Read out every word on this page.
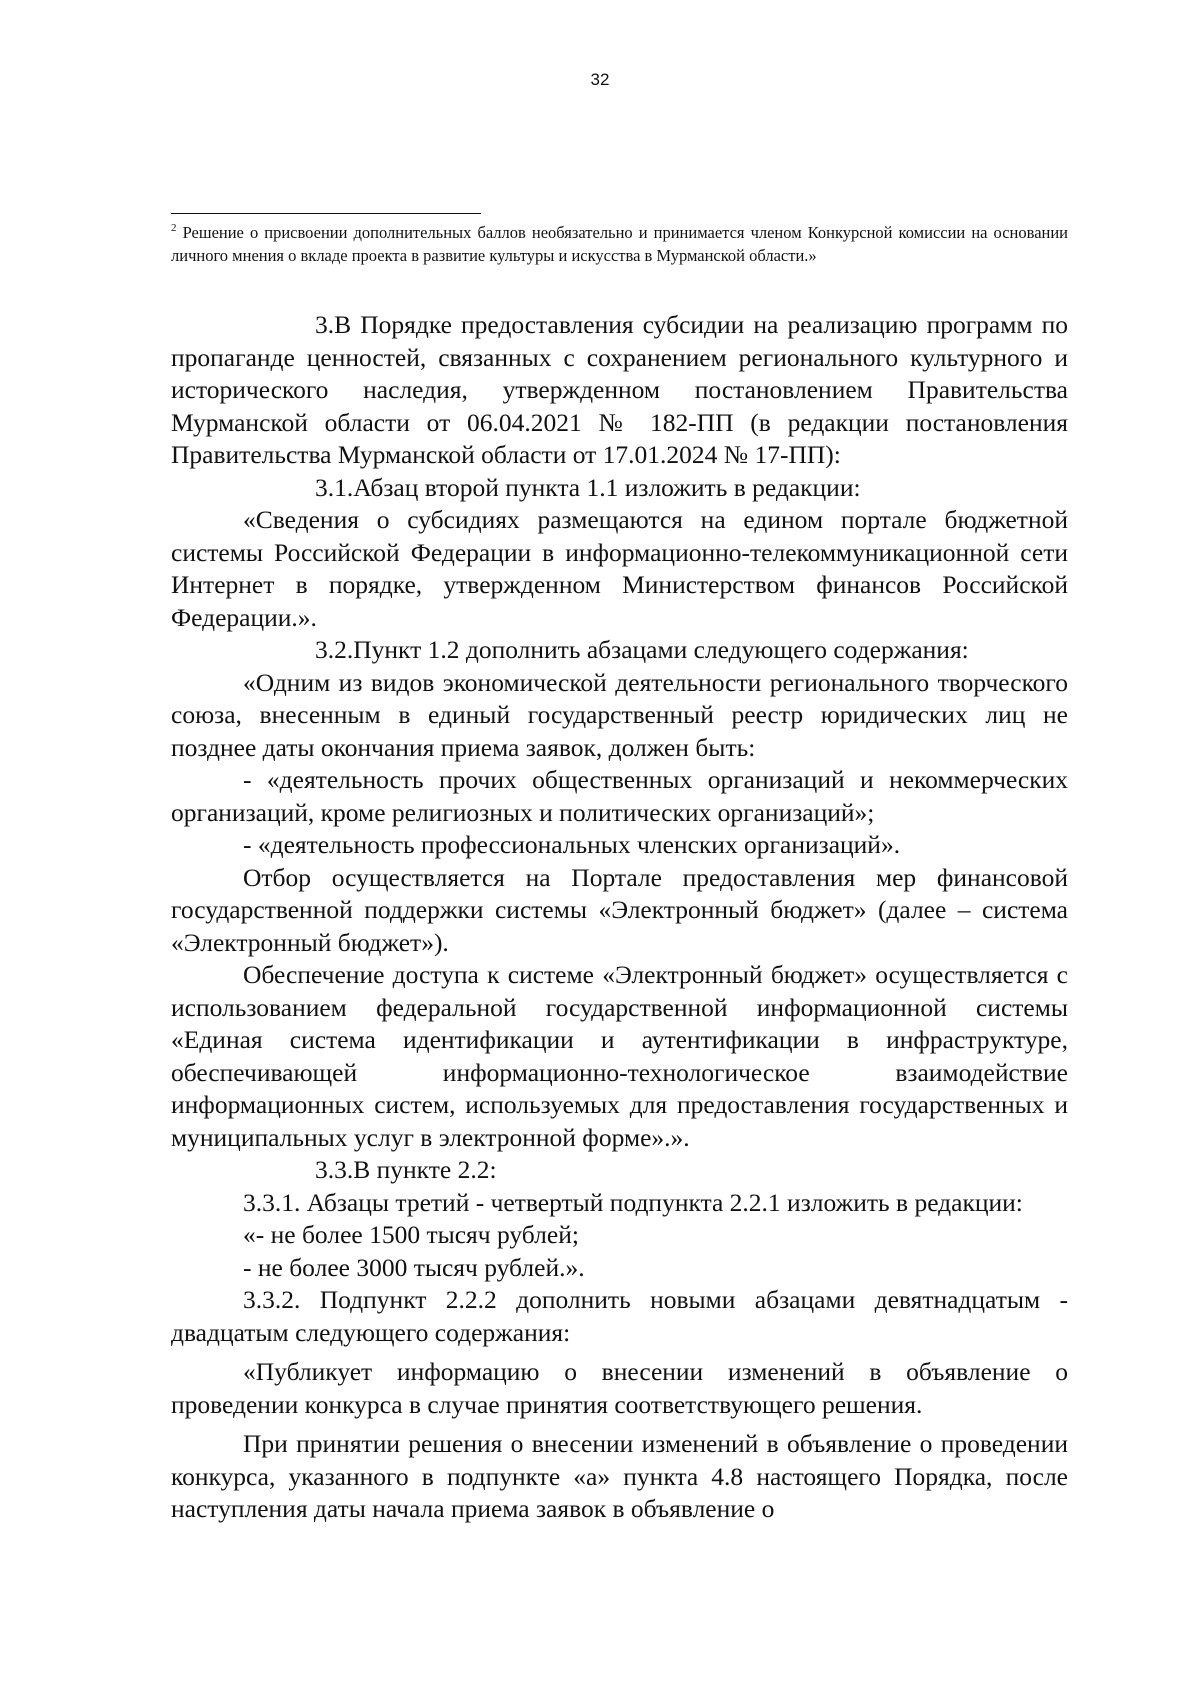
32
$^2$ Решение о присвоении дополнительных баллов необязательно и принимается членом Конкурсной комиссии на основании личного мнения о вкладе проекта в развитие культуры и искусства в Мурманской области.»

3.В Порядке предоставления субсидии на реализацию программ по пропаганде ценностей, связанных с сохранением регионального культурного и исторического наследия, утвержденном постановлением Правительства Мурманской области от 06.04.2021 № 182-ПП (в редакции постановления Правительства Мурманской области от 17.01.2024 № 17-ПП):

3.1.Абзац второй пункта 1.1 изложить в редакции:

«Сведения о субсидиях размещаются на едином портале бюджетной системы Российской Федерации в информационно-телекоммуникационной сети Интернет в порядке, утвержденном Министерством финансов Российской Федерации.».

3.2.Пункт 1.2 дополнить абзацами следующего содержания:

«Одним из видов экономической деятельности регионального творческого союза, внесенным в единый государственный реестр юридических лиц не позднее даты окончания приема заявок, должен быть:

- «деятельность прочих общественных организаций и некоммерческих организаций, кроме религиозных и политических организаций»;

- «деятельность профессиональных членских организаций».

Отбор осуществляется на Портале предоставления мер финансовой государственной поддержки системы «Электронный бюджет» (далее – система «Электронный бюджет»).

Обеспечение доступа к системе «Электронный бюджет» осуществляется с использованием федеральной государственной информационной системы «Единая система идентификации и аутентификации в инфраструктуре, обеспечивающей информационно-технологическое взаимодействие информационных систем, используемых для предоставления государственных и муниципальных услуг в электронной форме».».

3.3.В пункте 2.2:

3.3.1. Абзацы третий - четвертый подпункта 2.2.1 изложить в редакции:

«- не более 1500 тысяч рублей;

- не более 3000 тысяч рублей.».

3.3.2. Подпункт 2.2.2 дополнить новыми абзацами девятнадцатым - двадцатым следующего содержания:

«Публикует информацию о внесении изменений в объявление о проведении конкурса в случае принятия соответствующего решения.

При принятии решения о внесении изменений в объявление о проведении конкурса, указанного в подпункте «а» пункта 4.8 настоящего Порядка, после наступления даты начала приема заявок в объявление о
